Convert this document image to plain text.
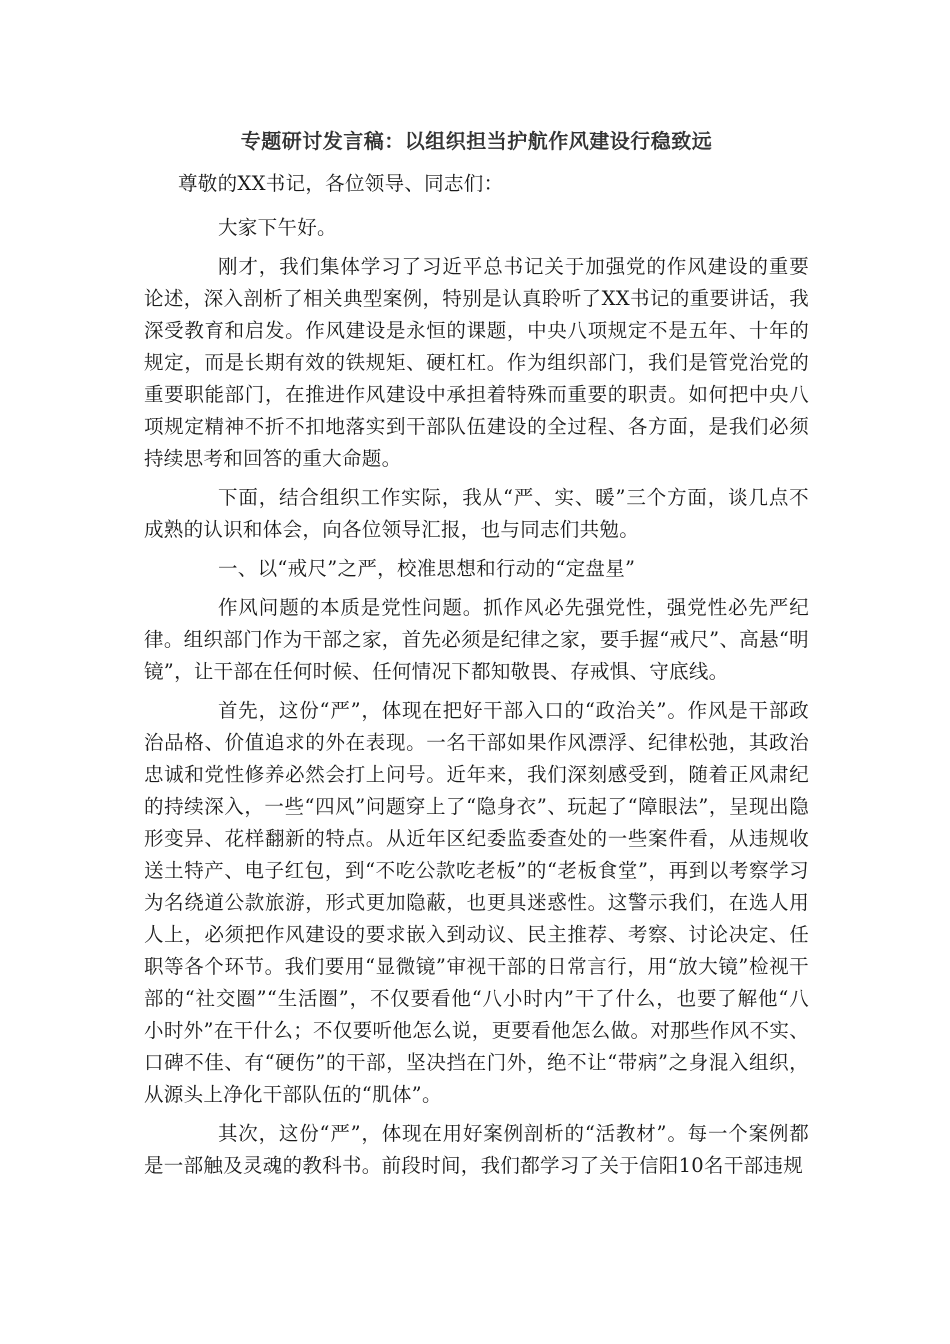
专题研讨发言稿：以组织担当护航作风建设行稳致远

尊敬的XX书记，各位领导、同志们：

大家下午好。

刚才，我们集体学习了习近平总书记关于加强党的作风建设的重要论述，深入剖析了相关典型案例，特别是认真聆听了XX书记的重要讲话，我深受教育和启发。作风建设是永恒的课题，中央八项规定不是五年、十年的规定，而是长期有效的铁规矩、硬杠杠。作为组织部门，我们是管党治党的重要职能部门，在推进作风建设中承担着特殊而重要的职责。如何把中央八项规定精神不折不扣地落实到干部队伍建设的全过程、各方面，是我们必须持续思考和回答的重大命题。

下面，结合组织工作实际，我从“严、实、暖”三个方面，谈几点不成熟的认识和体会，向各位领导汇报，也与同志们共勉。

一、以“戒尺”之严，校准思想和行动的“定盘星”

作风问题的本质是党性问题。抓作风必先强党性，强党性必先严纪律。组织部门作为干部之家，首先必须是纪律之家，要手握“戒尺”、高悬“明镜”，让干部在任何时候、任何情况下都知敬畏、存戒惧、守底线。

首先，这份“严”，体现在把好干部入口的“政治关”。作风是干部政治品格、价值追求的外在表现。一名干部如果作风漂浮、纪律松弛，其政治忠诚和党性修养必然会打上问号。近年来，我们深刻感受到，随着正风肃纪的持续深入，一些“四风”问题穿上了“隐身衣”、玩起了“障眼法”，呈现出隐形变异、花样翻新的特点。从近年区纪委监委查处的一些案件看，从违规收送土特产、电子红包，到“不吃公款吃老板”的“老板食堂”，再到以考察学习为名绕道公款旅游，形式更加隐蔽，也更具迷惑性。这警示我们，在选人用人上，必须把作风建设的要求嵌入到动议、民主推荐、考察、讨论决定、任职等各个环节。我们要用“显微镜”审视干部的日常言行，用“放大镜”检视干部的“社交圈”“生活圈”，不仅要看他“八小时内”干了什么，也要了解他“八小时外”在干什么；不仅要听他怎么说，更要看他怎么做。对那些作风不实、口碑不佳、有“硬伤”的干部，坚决挡在门外，绝不让“带病”之身混入组织，从源头上净化干部队伍的“肌体”。

其次，这份“严”，体现在用好案例剖析的“活教材”。每一个案例都是一部触及灵魂的教科书。前段时间，我们都学习了关于信阳10名干部违规
